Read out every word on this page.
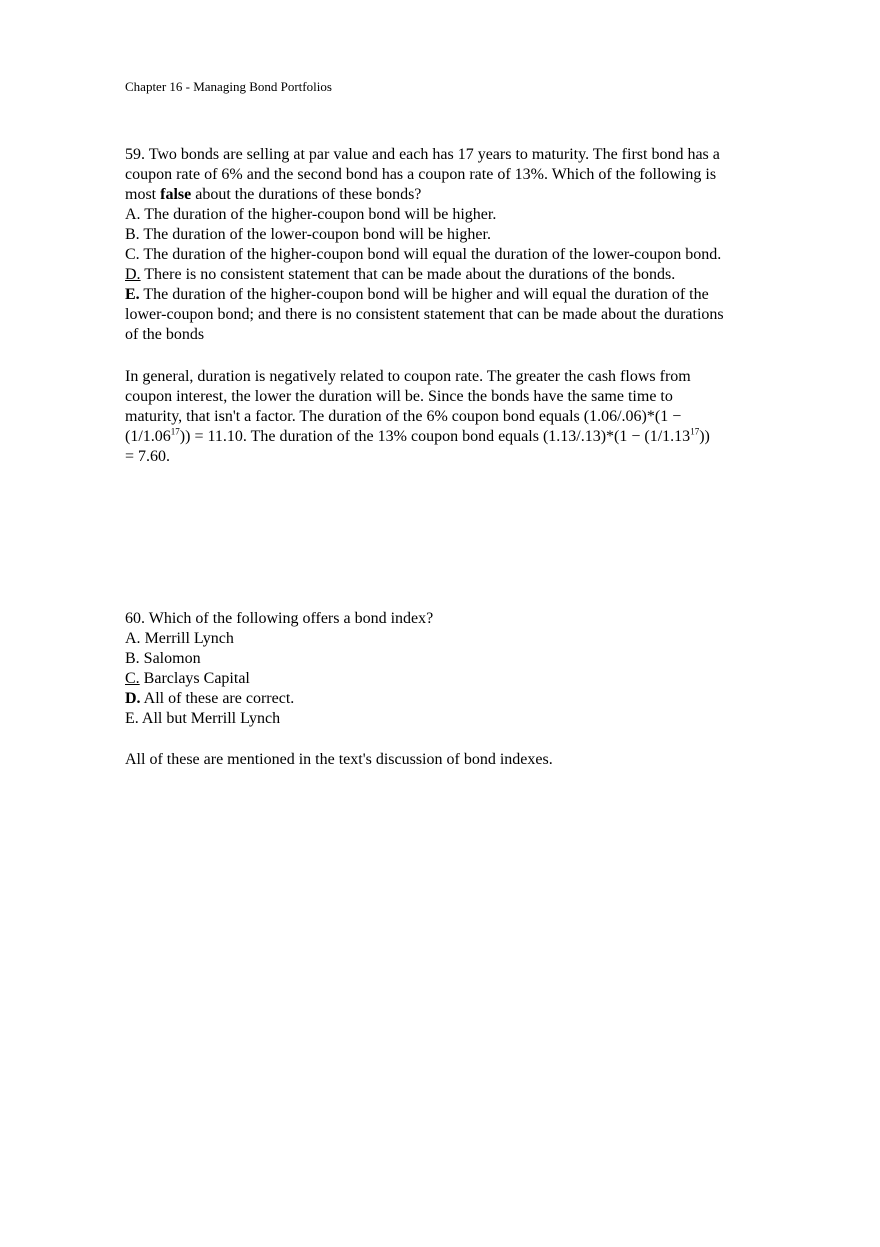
Chapter 16 - Managing Bond Portfolios
59. Two bonds are selling at par value and each has 17 years to maturity. The first bond has a
coupon rate of 6% and the second bond has a coupon rate of 13%. Which of the following is
most false about the durations of these bonds?
A. The duration of the higher-coupon bond will be higher.
B. The duration of the lower-coupon bond will be higher.
C. The duration of the higher-coupon bond will equal the duration of the lower-coupon bond.
D. There is no consistent statement that can be made about the durations of the bonds.
E. The duration of the higher-coupon bond will be higher and will equal the duration of the
lower-coupon bond; and there is no consistent statement that can be made about the durations
of the bonds
In general, duration is negatively related to coupon rate. The greater the cash flows from
coupon interest, the lower the duration will be. Since the bonds have the same time to
maturity, that isn't a factor. The duration of the 6% coupon bond equals (1.06/.06)*(1 −
$(1/1.06^{17})) = 11.10$. The duration of the 13% coupon bond equals $(1.13/.13)*(1 - (1/1.13^{17}))$
= 7.60.
60. Which of the following offers a bond index?
A. Merrill Lynch
B. Salomon
C. Barclays Capital
D. All of these are correct.
E. All but Merrill Lynch
All of these are mentioned in the text's discussion of bond indexes.
